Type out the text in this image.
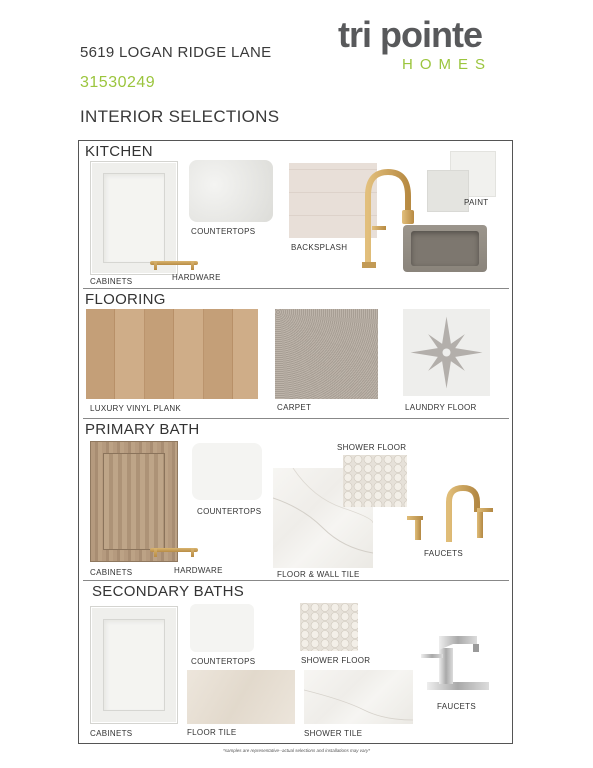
5619 LOGAN RIDGE LANE
31530249
INTERIOR SELECTIONS
tri pointe
HOMES
KITCHEN
CABINETS	HARDWARE
COUNTERTOPS
BACKSPLASH
PAINT
FLOORING
LUXURY VINYL PLANK	CARPET	LAUNDRY FLOOR
PRIMARY BATH
CABINETS	HARDWARE
COUNTERTOPS
FLOOR & WALL TILE
SHOWER FLOOR
FAUCETS
SECONDARY BATHS
CABINETS
COUNTERTOPS	SHOWER FLOOR
FAUCETS
FLOOR TILE	SHOWER TILE
*samples are representative--actual selections and installations may vary*
